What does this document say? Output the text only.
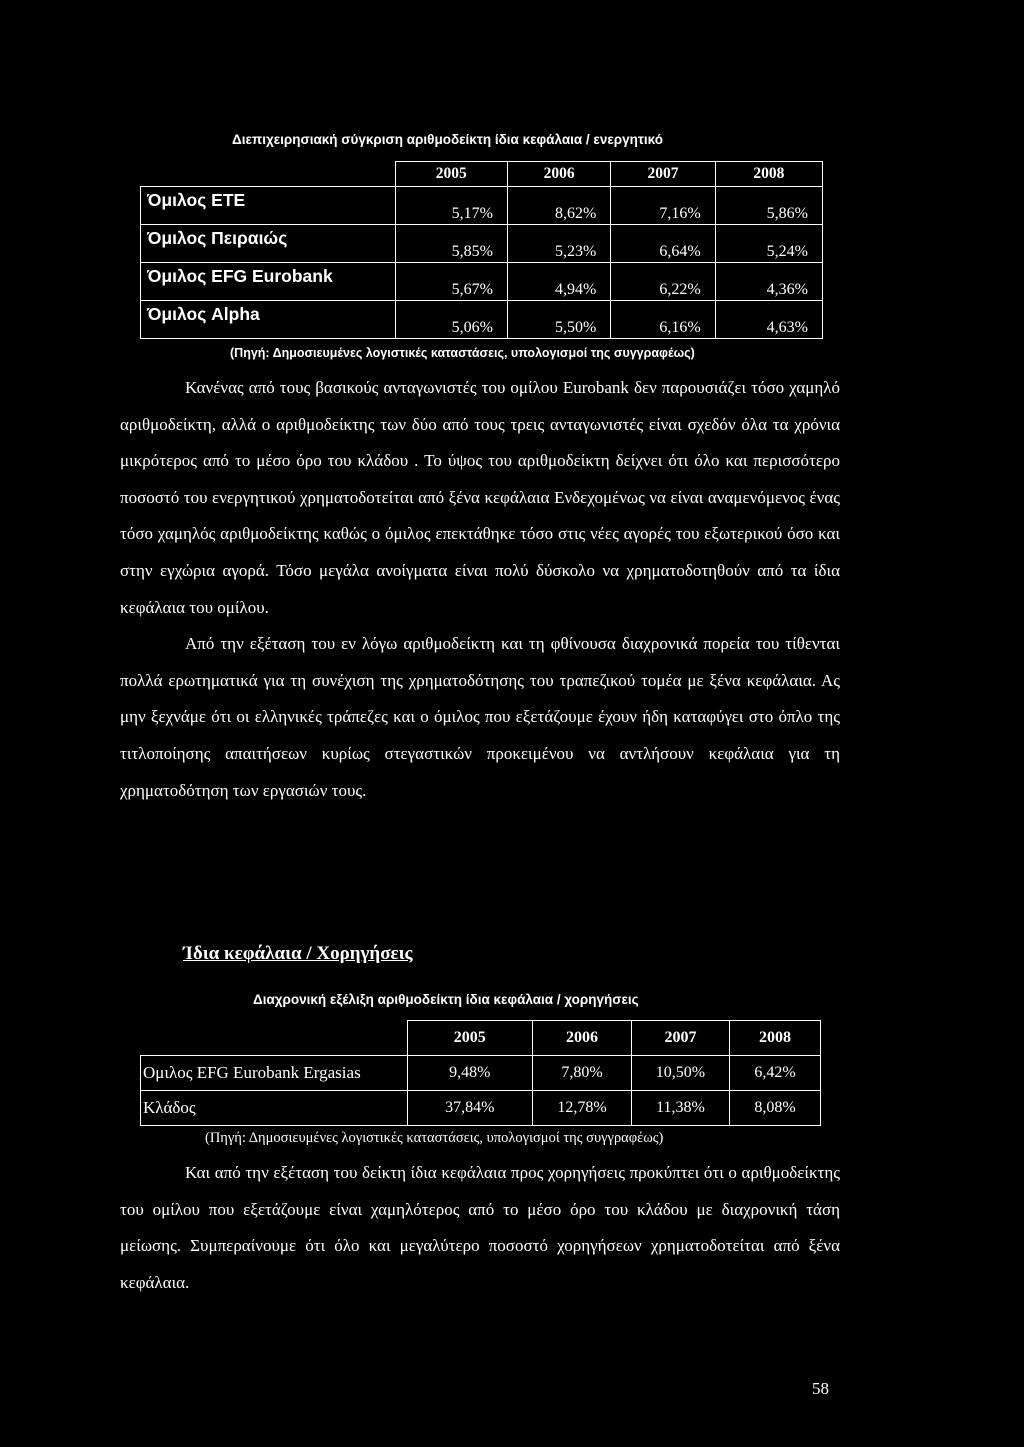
Διεπιχειρησιακή σύγκριση αριθμοδείκτη ίδια κεφάλαια / ενεργητικό
	2005	2006	2007	2008
Όμιλος ΕΤΕ	5,17%	8,62%	7,16%	5,86%
Όμιλος Πειραιώς	5,85%	5,23%	6,64%	5,24%
Όμιλος EFG Eurobank	5,67%	4,94%	6,22%	4,36%
Όμιλος Alpha	5,06%	5,50%	6,16%	4,63%
(Πηγή: Δημοσιευμένες λογιστικές καταστάσεις, υπολογισμοί της συγγραφέως)

Κανένας από τους βασικούς ανταγωνιστές του ομίλου Eurobank δεν παρουσιάζει τόσο χαμηλό αριθμοδείκτη, αλλά ο αριθμοδείκτης των δύο από τους τρεις ανταγωνιστές είναι σχεδόν όλα τα χρόνια μικρότερος από το μέσο όρο του κλάδου . Το ύψος του αριθμοδείκτη δείχνει ότι όλο και περισσότερο ποσοστό του ενεργητικού χρηματοδοτείται από ξένα κεφάλαια Ενδεχομένως να είναι αναμενόμενος ένας τόσο χαμηλός αριθμοδείκτης καθώς ο όμιλος επεκτάθηκε τόσο στις νέες αγορές του εξωτερικού όσο και στην εγχώρια αγορά. Τόσο μεγάλα ανοίγματα είναι πολύ δύσκολο να χρηματοδοτηθούν από τα ίδια κεφάλαια του ομίλου.

Από την εξέταση του εν λόγω αριθμοδείκτη και τη φθίνουσα διαχρονικά πορεία του τίθενται πολλά ερωτηματικά για τη συνέχιση της χρηματοδότησης του τραπεζικού τομέα με ξένα κεφάλαια. Ας μην ξεχνάμε ότι οι ελληνικές τράπεζες και ο όμιλος που εξετάζουμε έχουν ήδη καταφύγει στο όπλο της τιτλοποίησης απαιτήσεων κυρίως στεγαστικών προκειμένου να αντλήσουν κεφάλαια για τη χρηματοδότηση των εργασιών τους.

Ίδια κεφάλαια / Χορηγήσεις
Διαχρονική εξέλιξη αριθμοδείκτη ίδια κεφάλαια / χορηγήσεις
	2005	2006	2007	2008
Ομιλος EFG Eurobank Ergasias	9,48%	7,80%	10,50%	6,42%
Κλάδος	37,84%	12,78%	11,38%	8,08%
(Πηγή: Δημοσιευμένες λογιστικές καταστάσεις, υπολογισμοί της συγγραφέως)

Και από την εξέταση του δείκτη ίδια κεφάλαια προς χορηγήσεις προκύπτει ότι ο αριθμοδείκτης του ομίλου που εξετάζουμε είναι χαμηλότερος από το μέσο όρο του κλάδου με διαχρονική τάση μείωσης. Συμπεραίνουμε ότι όλο και μεγαλύτερο ποσοστό χορηγήσεων χρηματοδοτείται από ξένα κεφάλαια.

58
